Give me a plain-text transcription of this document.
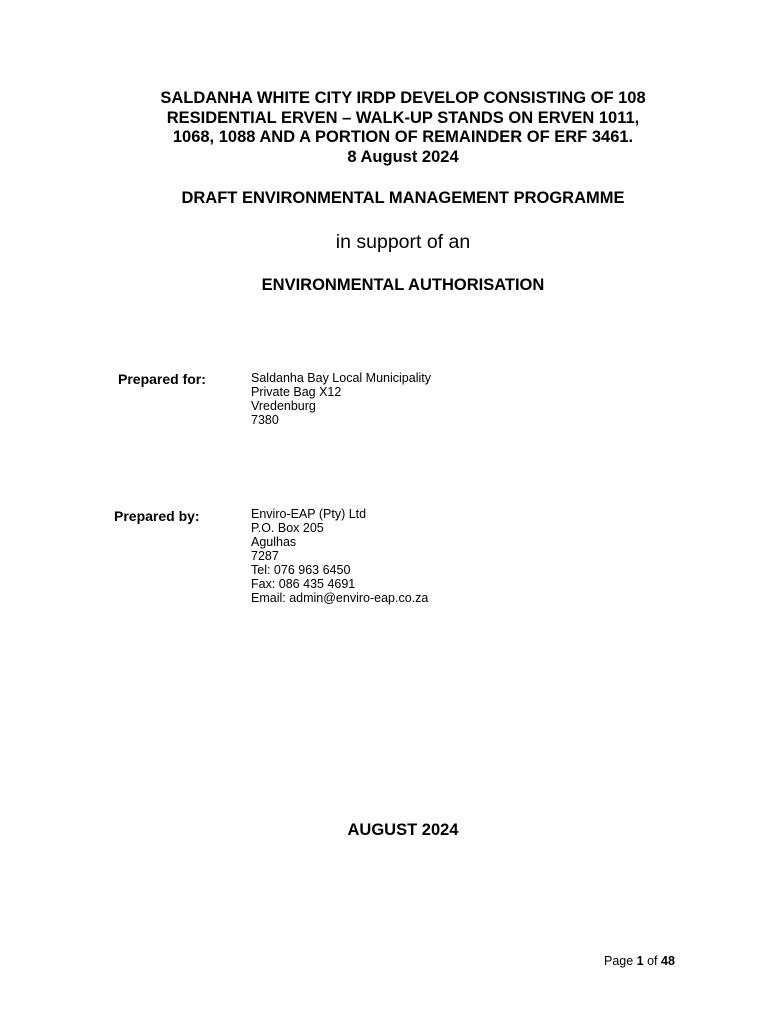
SALDANHA WHITE CITY IRDP DEVELOP CONSISTING OF 108
RESIDENTIAL ERVEN – WALK-UP STANDS ON ERVEN 1011,
1068, 1088 AND A PORTION OF REMAINDER OF ERF 3461.
8 August 2024
DRAFT ENVIRONMENTAL MANAGEMENT PROGRAMME
in support of an
ENVIRONMENTAL AUTHORISATION
Prepared for:	Saldanha Bay Local Municipality
Private Bag X12
Vredenburg
7380
Prepared by:	Enviro-EAP (Pty) Ltd
P.O. Box 205
Agulhas
7287
Tel: 076 963 6450
Fax: 086 435 4691
Email: admin@enviro-eap.co.za
AUGUST 2024
Page 1 of 48
